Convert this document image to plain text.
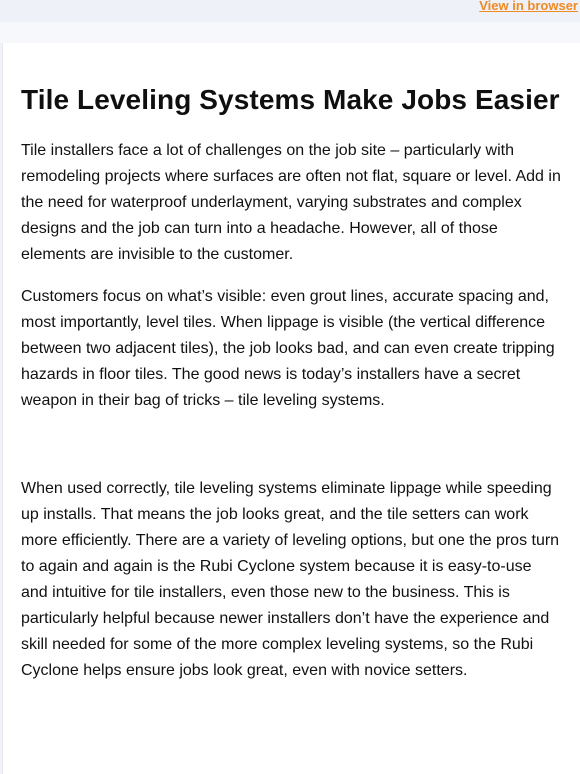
View in browser
Tile Leveling Systems Make Jobs Easier

Tile installers face a lot of challenges on the job site – particularly with remodeling projects where surfaces are often not flat, square or level. Add in the need for waterproof underlayment, varying substrates and complex designs and the job can turn into a headache. However, all of those elements are invisible to the customer.

Customers focus on what’s visible: even grout lines, accurate spacing and, most importantly, level tiles. When lippage is visible (the vertical difference between two adjacent tiles), the job looks bad, and can even create tripping hazards in floor tiles. The good news is today’s installers have a secret weapon in their bag of tricks – tile leveling systems.

When used correctly, tile leveling systems eliminate lippage while speeding up installs. That means the job looks great, and the tile setters can work more efficiently. There are a variety of leveling options, but one the pros turn to again and again is the Rubi Cyclone system because it is easy-to-use and intuitive for tile installers, even those new to the business. This is particularly helpful because newer installers don’t have the experience and skill needed for some of the more complex leveling systems, so the Rubi Cyclone helps ensure jobs look great, even with novice setters.
